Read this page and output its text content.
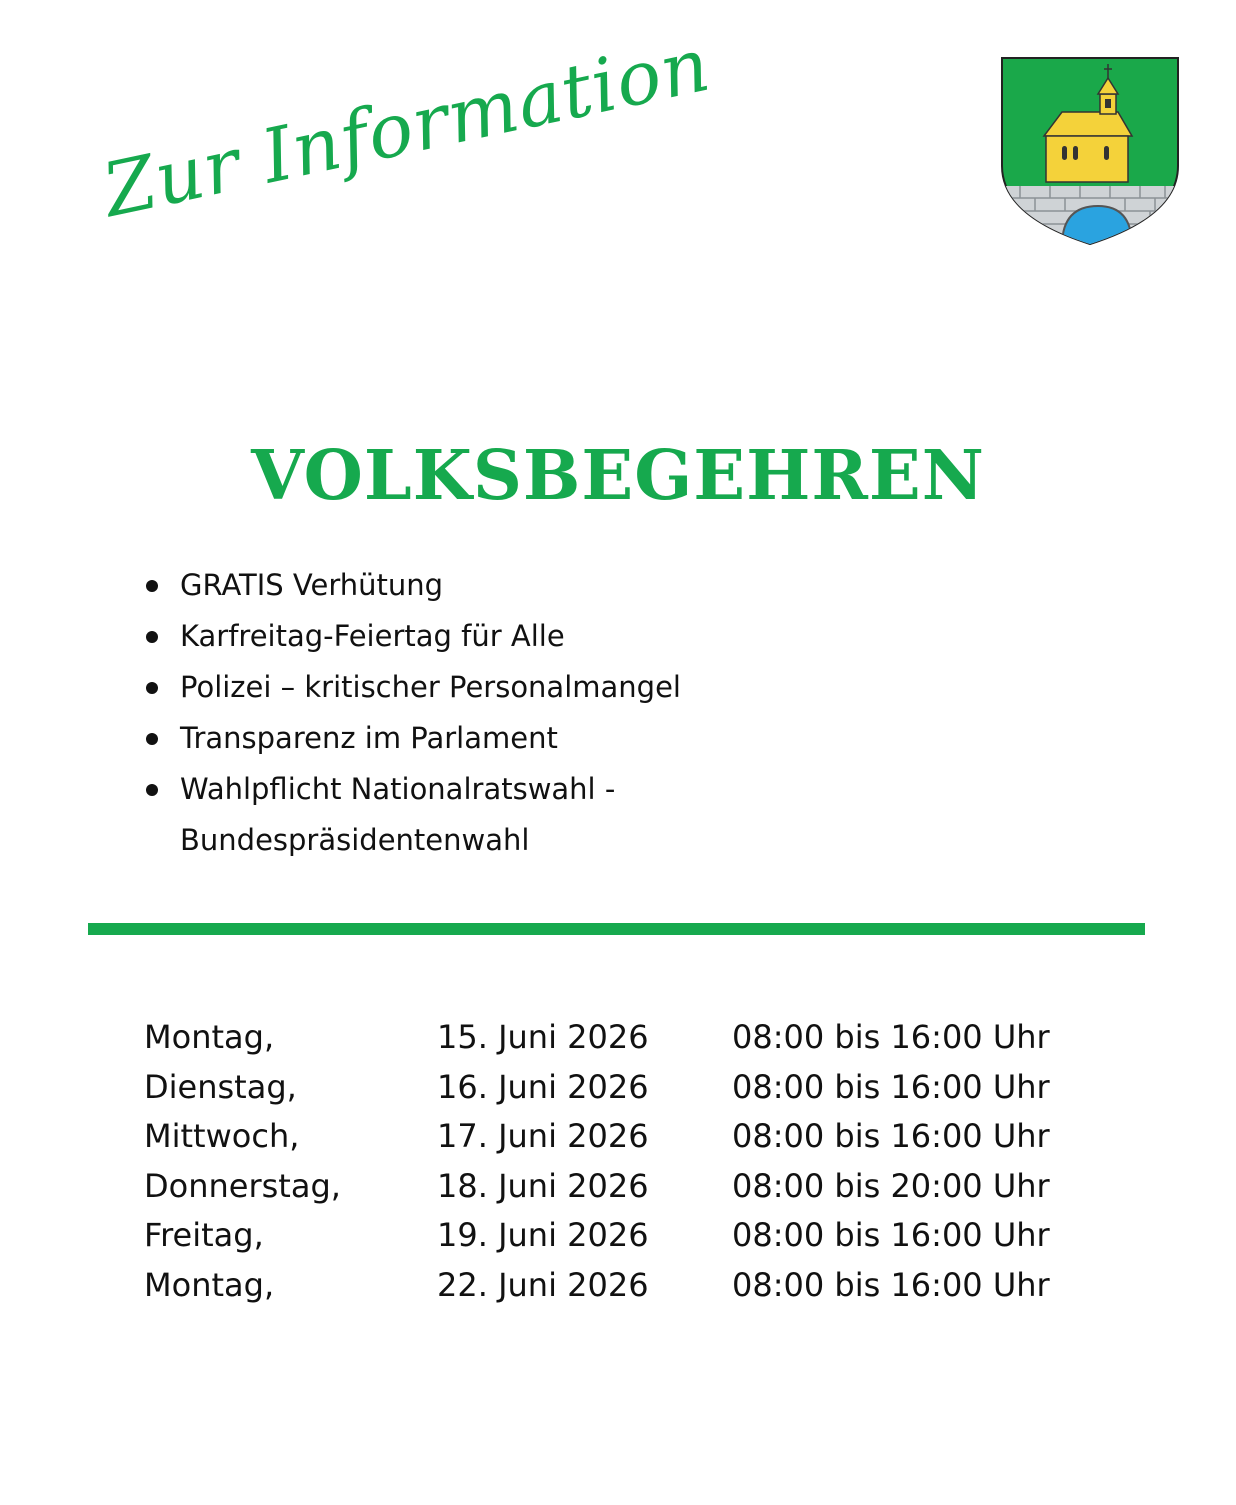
Zur Information
VOLKSBEGEHREN
GRATIS Verhütung
Karfreitag-Feiertag für Alle
Polizei – kritischer Personalmangel
Transparenz im Parlament
Wahlpflicht Nationalratswahl - Bundespräsidentenwahl
Montag,	15. Juni 2026	08:00 bis 16:00 Uhr
Dienstag,	16. Juni 2026	08:00 bis 16:00 Uhr
Mittwoch,	17. Juni 2026	08:00 bis 16:00 Uhr
Donnerstag,	18. Juni 2026	08:00 bis 20:00 Uhr
Freitag,	19. Juni 2026	08:00 bis 16:00 Uhr
Montag,	22. Juni 2026	08:00 bis 16:00 Uhr
